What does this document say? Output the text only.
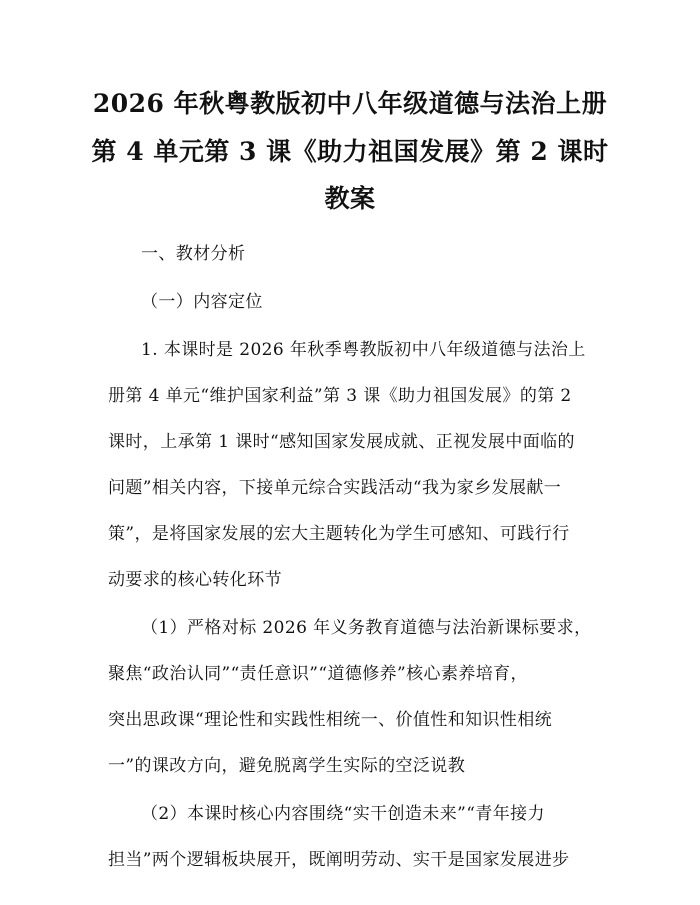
2026 年秋粤教版初中八年级道德与法治上册
第 4 单元第 3 课《助力祖国发展》第 2 课时
教案
一、教材分析
（一）内容定位
1. 本课时是 2026 年秋季粤教版初中八年级道德与法治上
册第 4 单元“维护国家利益”第 3 课《助力祖国发展》的第 2
课时，上承第 1 课时“感知国家发展成就、正视发展中面临的
问题”相关内容，下接单元综合实践活动“我为家乡发展献一
策”，是将国家发展的宏大主题转化为学生可感知、可践行行
动要求的核心转化环节
（1）严格对标 2026 年义务教育道德与法治新课标要求，
聚焦“政治认同”“责任意识”“道德修养”核心素养培育，
突出思政课“理论性和实践性相统一、价值性和知识性相统
一”的课改方向，避免脱离学生实际的空泛说教
（2）本课时核心内容围绕“实干创造未来”“青年接力
担当”两个逻辑板块展开，既阐明劳动、实干是国家发展进步
